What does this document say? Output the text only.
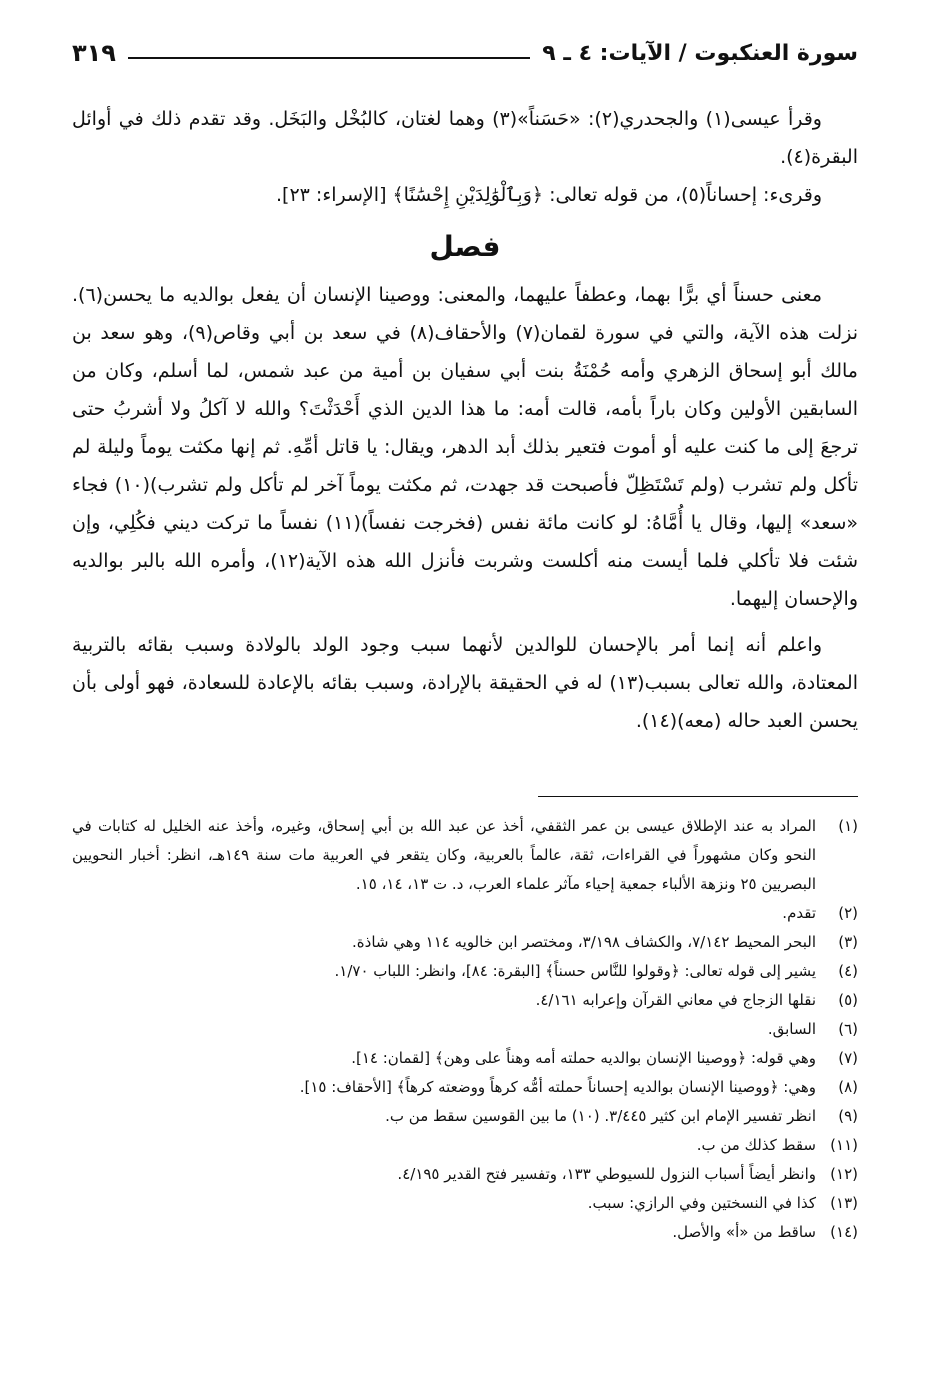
سورة العنكبوت / الآيات: ٤ ـ ٩
٣١٩

وقرأ عيسى(١) والجحدري(٢): «حَسَناً»(٣) وهما لغتان، كالبُخْل والبَخَل. وقد تقدم ذلك في أوائل البقرة(٤).

وقرىء: إحساناً(٥)، من قوله تعالى: ﴿وَبِٱلْوَٰلِدَيْنِ إِحْسَٰنًا﴾ [الإسراء: ٢٣].

فصل

معنى حسناً أي برًّا بهما، وعطفاً عليهما، والمعنى: ووصينا الإنسان أن يفعل بوالديه ما يحسن(٦). نزلت هذه الآية، والتي في سورة لقمان(٧) والأحقاف(٨) في سعد بن أبي وقاص(٩)، وهو سعد بن مالك أبو إسحاق الزهري وأمه حُمْنَةُ بنت أبي سفيان بن أمية من عبد شمس، لما أسلم، وكان من السابقين الأولين وكان باراً بأمه، قالت أمه: ما هذا الدين الذي أَحْدَثْتَ؟ والله لا آكلُ ولا أشربُ حتى ترجعَ إلى ما كنت عليه أو أموت فتعير بذلك أبد الدهر، ويقال: يا قاتل أمِّهِ. ثم إنها مكثت يوماً وليلة لم تأكل ولم تشرب (ولم تَسْتَظِلّ فأصبحت قد جهدت، ثم مكثت يوماً آخر لم تأكل ولم تشرب)(١٠) فجاء «سعد» إليها، وقال يا أُمَّاهُ: لو كانت مائة نفس (فخرجت نفساً)(١١) نفساً ما تركت ديني فكُلِي، وإن شئت فلا تأكلي فلما أيست منه أكلست وشربت فأنزل الله هذه الآية(١٢)، وأمره الله بالبر بوالديه والإحسان إليهما.

واعلم أنه إنما أمر بالإحسان للوالدين لأنهما سبب وجود الولد بالولادة وسبب بقائه بالتربية المعتادة، والله تعالى بسبب(١٣) له في الحقيقة بالإرادة، وسبب بقائه بالإعادة للسعادة، فهو أولى بأن يحسن العبد حاله (معه)(١٤).

(١)
المراد به عند الإطلاق عيسى بن عمر الثقفي، أخذ عن عبد الله بن أبي إسحاق، وغيره، وأخذ عنه الخليل له كتابات في النحو وكان مشهوراً في القراءات، ثقة، عالماً بالعربية، وكان يتقعر في العربية مات سنة ١٤٩هـ، انظر: أخبار النحويين البصريين ٢٥ ونزهة الألباء جمعية إحياء مآثر علماء العرب، د. ت ١٣، ١٤، ١٥.
(٢)
تقدم.
(٣)
البحر المحيط ٧/١٤٢، والكشاف ٣/١٩٨، ومختصر ابن خالويه ١١٤ وهي شاذة.
(٤)
يشير إلى قوله تعالى: ﴿وقولوا للنَّاس حسناً﴾ [البقرة: ٨٤]، وانظر: اللباب ١/٧٠.
(٥)
نقلها الزجاج في معاني القرآن وإعرابه ٤/١٦١.
(٦)
السابق.
(٧)
وهي قوله: ﴿ووصينا الإنسان بوالديه حملته أمه وهناً على وهن﴾ [لقمان: ١٤].
(٨)
وهي: ﴿ووصينا الإنسان بوالديه إحساناً حملته أمُّه كرهاً ووضعته كرهاً﴾ [الأحقاف: ١٥].
(٩)
انظر تفسير الإمام ابن كثير ٣/٤٤٥. (١٠) ما بين القوسين سقط من ب.
(١١)
سقط كذلك من ب.
(١٢)
وانظر أيضاً أسباب النزول للسيوطي ١٣٣، وتفسير فتح القدير ٤/١٩٥.
(١٣)
كذا في النسختين وفي الرازي: سبب.
(١٤)
ساقط من «أ» والأصل.
